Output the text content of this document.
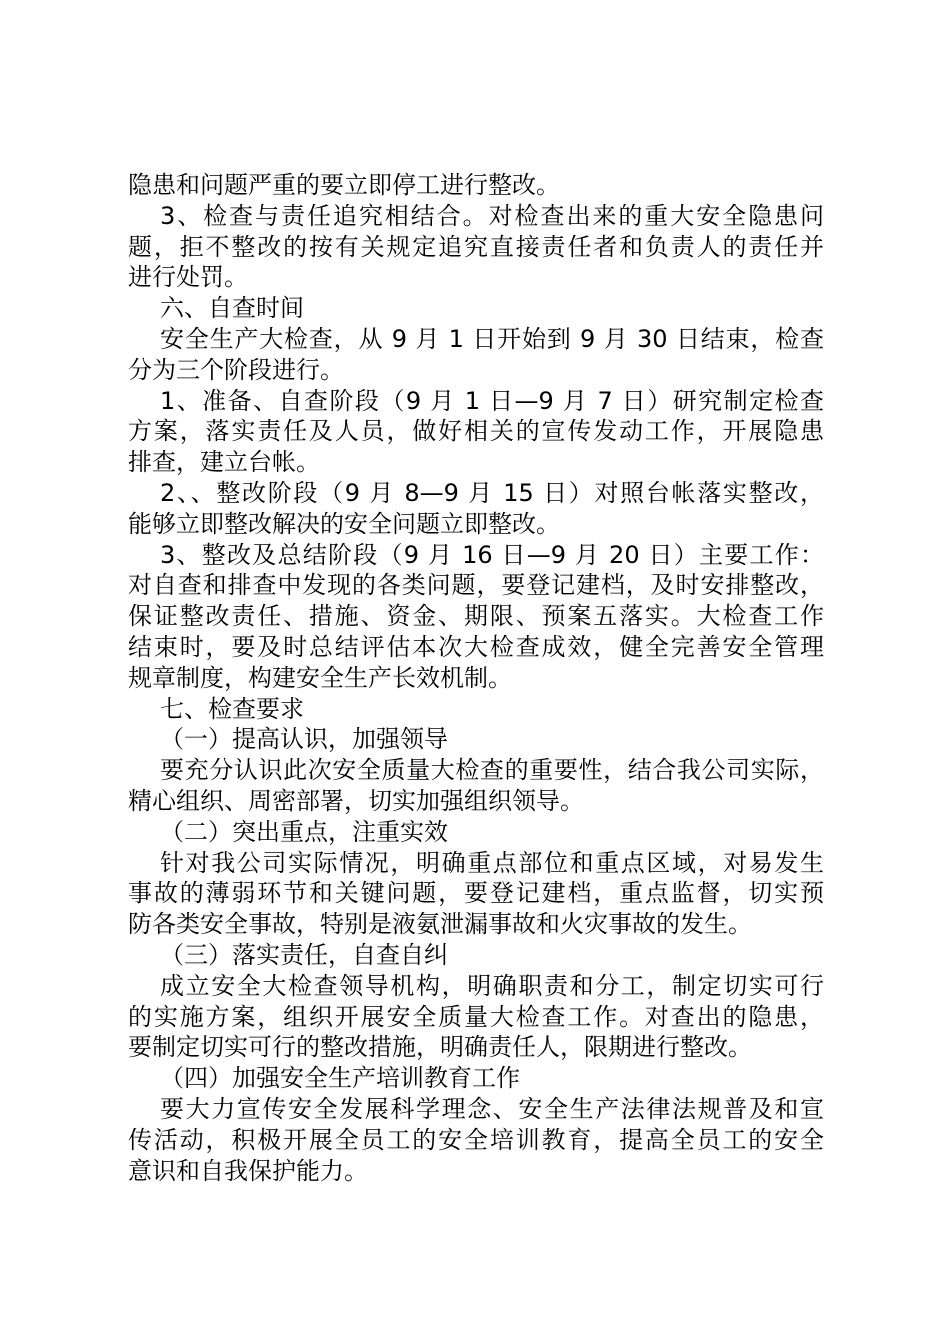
隐患和问题严重的要立即停工进行整改。
3、检查与责任追究相结合。对检查出来的重大安全隐患问
题，拒不整改的按有关规定追究直接责任者和负责人的责任并
进行处罚。
六、自查时间
安全生产大检查，从 9 月 1 日开始到 9 月 30 日结束，检查
分为三个阶段进行。
1、准备、自查阶段（9 月 1 日—9 月 7 日）研究制定检查
方案，落实责任及人员，做好相关的宣传发动工作，开展隐患
排查，建立台帐。
2、、整改阶段（9 月 8—9 月 15 日）对照台帐落实整改，
能够立即整改解决的安全问题立即整改。
3、整改及总结阶段（9 月 16 日—9 月 20 日）主要工作：
对自查和排查中发现的各类问题，要登记建档，及时安排整改，
保证整改责任、措施、资金、期限、预案五落实。大检查工作
结束时，要及时总结评估本次大检查成效，健全完善安全管理
规章制度，构建安全生产长效机制。
七、检查要求
（一）提高认识，加强领导
要充分认识此次安全质量大检查的重要性，结合我公司实际，
精心组织、周密部署，切实加强组织领导。
（二）突出重点，注重实效
针对我公司实际情况，明确重点部位和重点区域，对易发生
事故的薄弱环节和关键问题，要登记建档，重点监督，切实预
防各类安全事故，特别是液氨泄漏事故和火灾事故的发生。
（三）落实责任，自查自纠
成立安全大检查领导机构，明确职责和分工，制定切实可行
的实施方案，组织开展安全质量大检查工作。对查出的隐患，
要制定切实可行的整改措施，明确责任人，限期进行整改。
（四）加强安全生产培训教育工作
要大力宣传安全发展科学理念、安全生产法律法规普及和宣
传活动，积极开展全员工的安全培训教育，提高全员工的安全
意识和自我保护能力。
